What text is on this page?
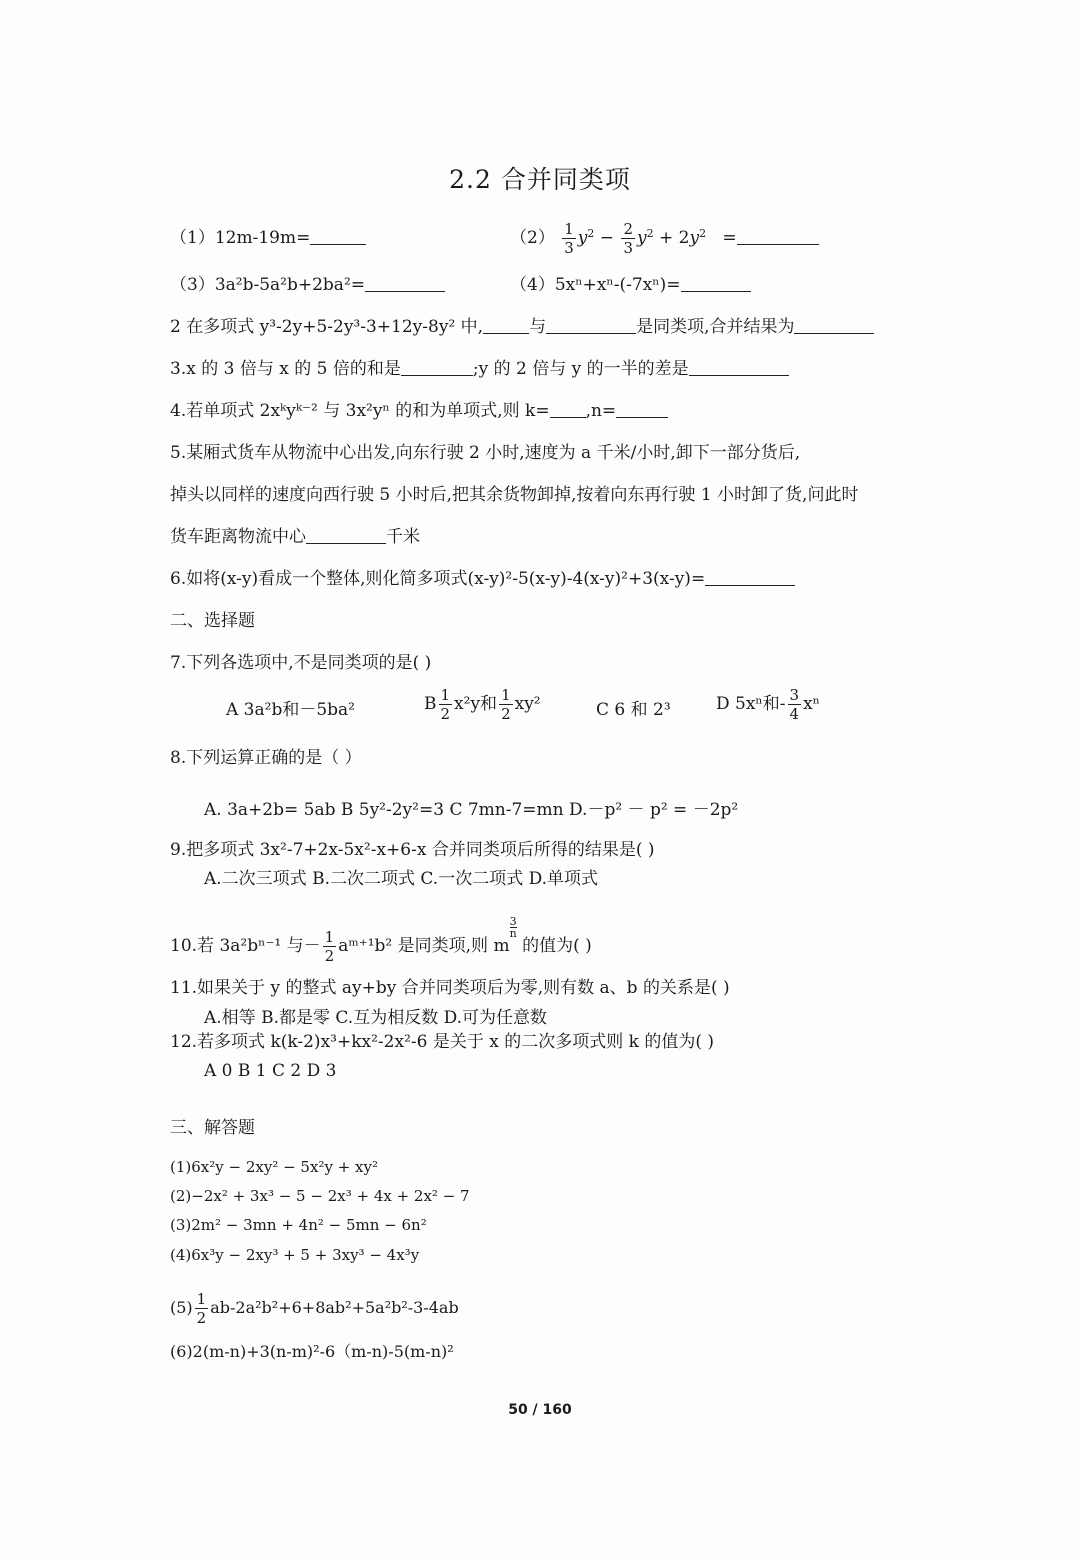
2.2 合并同类项
（1）12m-19m=	$(2) \frac{1}{3} y^2 - \frac{2}{3} y^2 + 2y^2$ =
（3）3a²b-5a²b+2ba²=	（4）5xⁿ+xⁿ-(-7xⁿ)=
2 在多项式 y³-2y+5-2y³-3+12y-8y² 中,	与	是同类项,合并结果为
3.x 的 3 倍与 x 的 5 倍的和是	;y 的 2 倍与 y 的一半的差是
4.若单项式 2xᵏyᵏ⁻² 与 3x²yⁿ 的和为单项式,则 k= ,n=
5.某厢式货车从物流中心出发,向东行驶 2 小时,速度为 a 千米/小时,卸下一部分货后,
掉头以同样的速度向西行驶 5 小时后,把其余货物卸掉,按着向东再行驶 1 小时卸了货,问此时
货车距离物流中心	千米
6.如将(x-y)看成一个整体,则化简多项式(x-y)²-5(x-y)-4(x-y)²+3(x-y)=
二、选择题
7.下列各选项中,不是同类项的是( )
A 3a²b和－5ba²	B $\frac{1}{2} x^2y$和 $\frac{1}{2} xy^2$	C 6 和 2³	D 5xⁿ和- $\frac{3}{4}$ xⁿ
8.下列运算正确的是（ ）
A. 3a+2b= 5ab B 5y²-2y²=3 C 7mn-7=mn D.－p² － p² = －2p²
9.把多项式 3x²-7+2x-5x²-x+6-x 合并同类项后所得的结果是( )
A.二次三项式 B.二次二项式 C.一次二项式 D.单项式
10.若 3a²bⁿ⁻¹ 与－ $\frac{1}{2}$ aᵐ⁺¹b² 是同类项,则 m
$\frac{3}{n}$
的值为( )
11.如果关于 y 的整式 ay+by 合并同类项后为零,则有数 a、b 的关系是( )
A.相等 B.都是零 C.互为相反数 D.可为任意数
12.若多项式 k(k-2)x³+kx²-2x²-6 是关于 x 的二次多项式则 k 的值为( )
A 0 B 1 C 2 D 3
三、解答题
(1)6x²y − 2xy² − 5x²y + xy²
(2)−2x² + 3x³ − 5 − 2x³ + 4x + 2x² − 7
(3)2m² − 3mn + 4n² − 5mn − 6n²
(4)6x³y − 2xy³ + 5 + 3xy³ − 4x³y
$(5) \frac{1}{2} ab-2a^2b^2+6+8ab^2+5a^2b^2-3-4ab$
(6)2(m-n)+3(n-m)²-6（m-n)-5(m-n)²
50 / 160
